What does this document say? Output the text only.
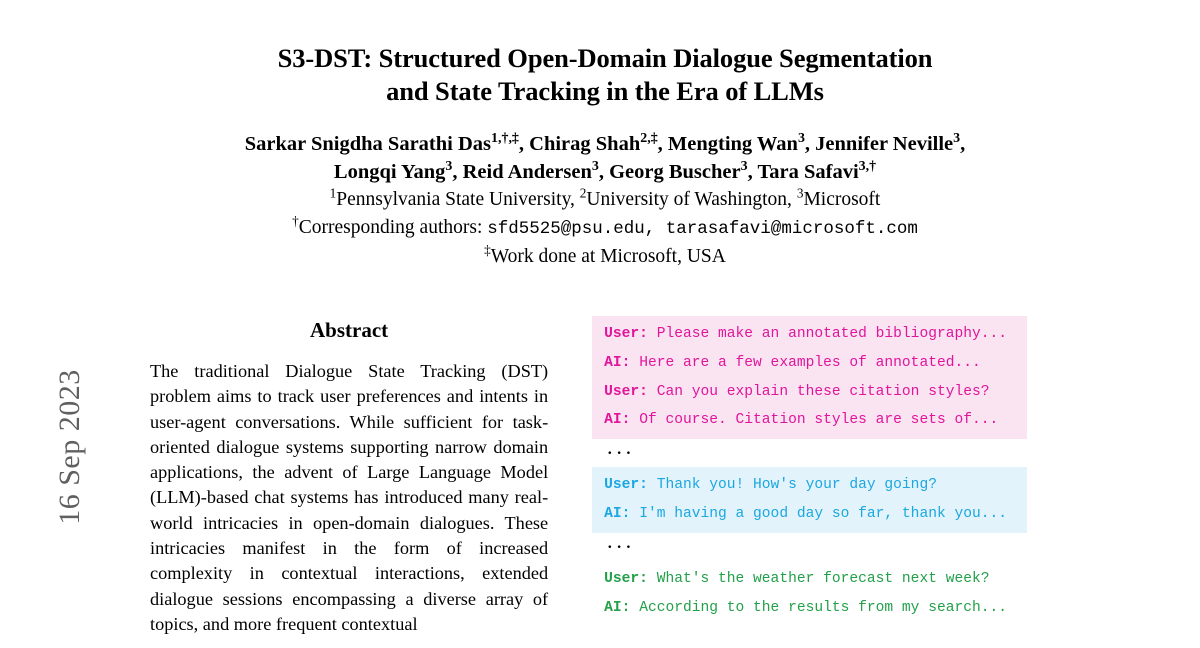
16 Sep 2023
S3-DST: Structured Open-Domain Dialogue Segmentation
and State Tracking in the Era of LLMs
Sarkar Snigdha Sarathi Das$^{1,\dagger,\ddagger}$, Chirag Shah$^{2,\ddagger}$, Mengting Wan$^3$, Jennifer Neville$^3$,
Longqi Yang$^3$, Reid Andersen$^3$, Georg Buscher$^3$, Tara Safavi$^{3,\dagger}$
$^1$Pennsylvania State University, $^2$University of Washington, $^3$Microsoft
†Corresponding authors: sfd5525@psu.edu, tarasafavi@microsoft.com
‡Work done at Microsoft, USA
Abstract
The traditional Dialogue State Tracking (DST) problem aims to track user preferences and intents in user-agent conversations. While sufficient for task-oriented dialogue systems supporting narrow domain applications, the advent of Large Language Model (LLM)-based chat systems has introduced many real-world intricacies in open-domain dialogues. These intricacies manifest in the form of increased complexity in contextual interactions, extended dialogue sessions encompassing a diverse array of topics, and more frequent contextual
User: Please make an annotated bibliography...
AI: Here are a few examples of annotated...
User: Can you explain these citation styles?
AI: Of course. Citation styles are sets of...
···
User: Thank you! How's your day going?
AI: I'm having a good day so far, thank you...
···
User: What's the weather forecast next week?
AI: According to the results from my search...
